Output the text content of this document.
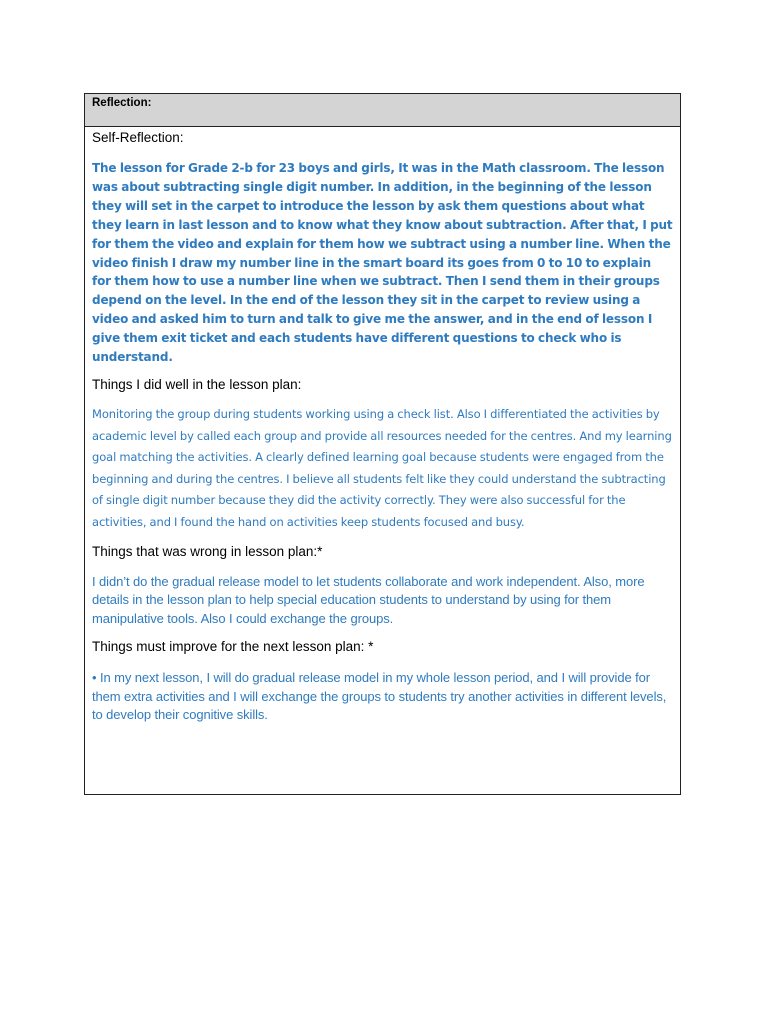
Reflection:

Self-Reflection:

The lesson for Grade 2-b for 23 boys and girls, It was in the Math classroom. The lesson was about subtracting single digit number. In addition, in the beginning of the lesson they will set in the carpet to introduce the lesson by ask them questions about what they learn in last lesson and to know what they know about subtraction. After that, I put for them the video and explain for them how we subtract using a number line. When the video finish I draw my number line in the smart board its goes from 0 to 10 to explain for them how to use a number line when we subtract. Then I send them in their groups depend on the level. In the end of the lesson they sit in the carpet to review using a video and asked him to turn and talk to give me the answer, and in the end of lesson I give them exit ticket and each students have different questions to check who is understand.

Things I did well in the lesson plan:

Monitoring the group during students working using a check list. Also I differentiated the activities by academic level by called each group and provide all resources needed for the centres. And my learning goal matching the activities. A clearly defined learning goal because students were engaged from the beginning and during the centres. I believe all students felt like they could understand the subtracting of single digit number because they did the activity correctly. They were also successful for the activities, and I found the hand on activities keep students focused and busy.

Things that was wrong in lesson plan:*

I didn’t do the gradual release model to let students collaborate and work independent. Also, more details in the lesson plan to help special education students to understand by using for them manipulative tools. Also I could exchange the groups.

Things must improve for the next lesson plan: *

• In my next lesson, I will do gradual release model in my whole lesson period, and I will provide for them extra activities and I will exchange the groups to students try another activities in different levels, to develop their cognitive skills.
